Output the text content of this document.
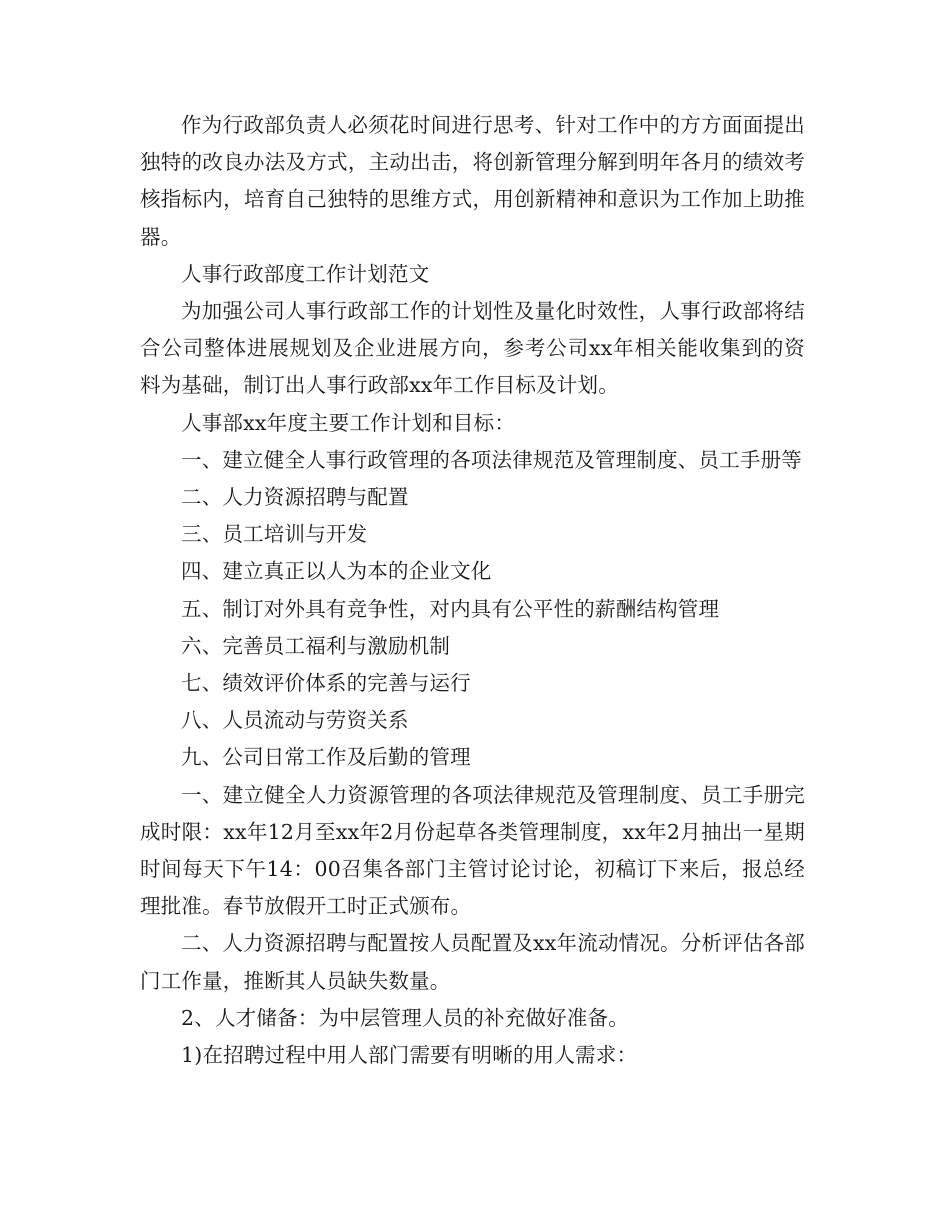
作为行政部负责人必须花时间进行思考、针对工作中的方方面面提出独特的改良办法及方式，主动出击，将创新管理分解到明年各月的绩效考核指标内，培育自己独特的思维方式，用创新精神和意识为工作加上助推器。

人事行政部度工作计划范文

为加强公司人事行政部工作的计划性及量化时效性，人事行政部将结合公司整体进展规划及企业进展方向，参考公司xx年相关能收集到的资料为基础，制订出人事行政部xx年工作目标及计划。

人事部xx年度主要工作计划和目标：

一、建立健全人事行政管理的各项法律规范及管理制度、员工手册等

二、人力资源招聘与配置

三、员工培训与开发

四、建立真正以人为本的企业文化

五、制订对外具有竞争性，对内具有公平性的薪酬结构管理

六、完善员工福利与激励机制

七、绩效评价体系的完善与运行

八、人员流动与劳资关系

九、公司日常工作及后勤的管理

一、建立健全人力资源管理的各项法律规范及管理制度、员工手册完成时限：xx年12月至xx年2月份起草各类管理制度，xx年2月抽出一星期时间每天下午14：00召集各部门主管讨论讨论，初稿订下来后，报总经理批准。春节放假开工时正式颁布。

二、人力资源招聘与配置按人员配置及xx年流动情况。分析评估各部门工作量，推断其人员缺失数量。

2、人才储备：为中层管理人员的补充做好准备。

1)在招聘过程中用人部门需要有明晰的用人需求：
